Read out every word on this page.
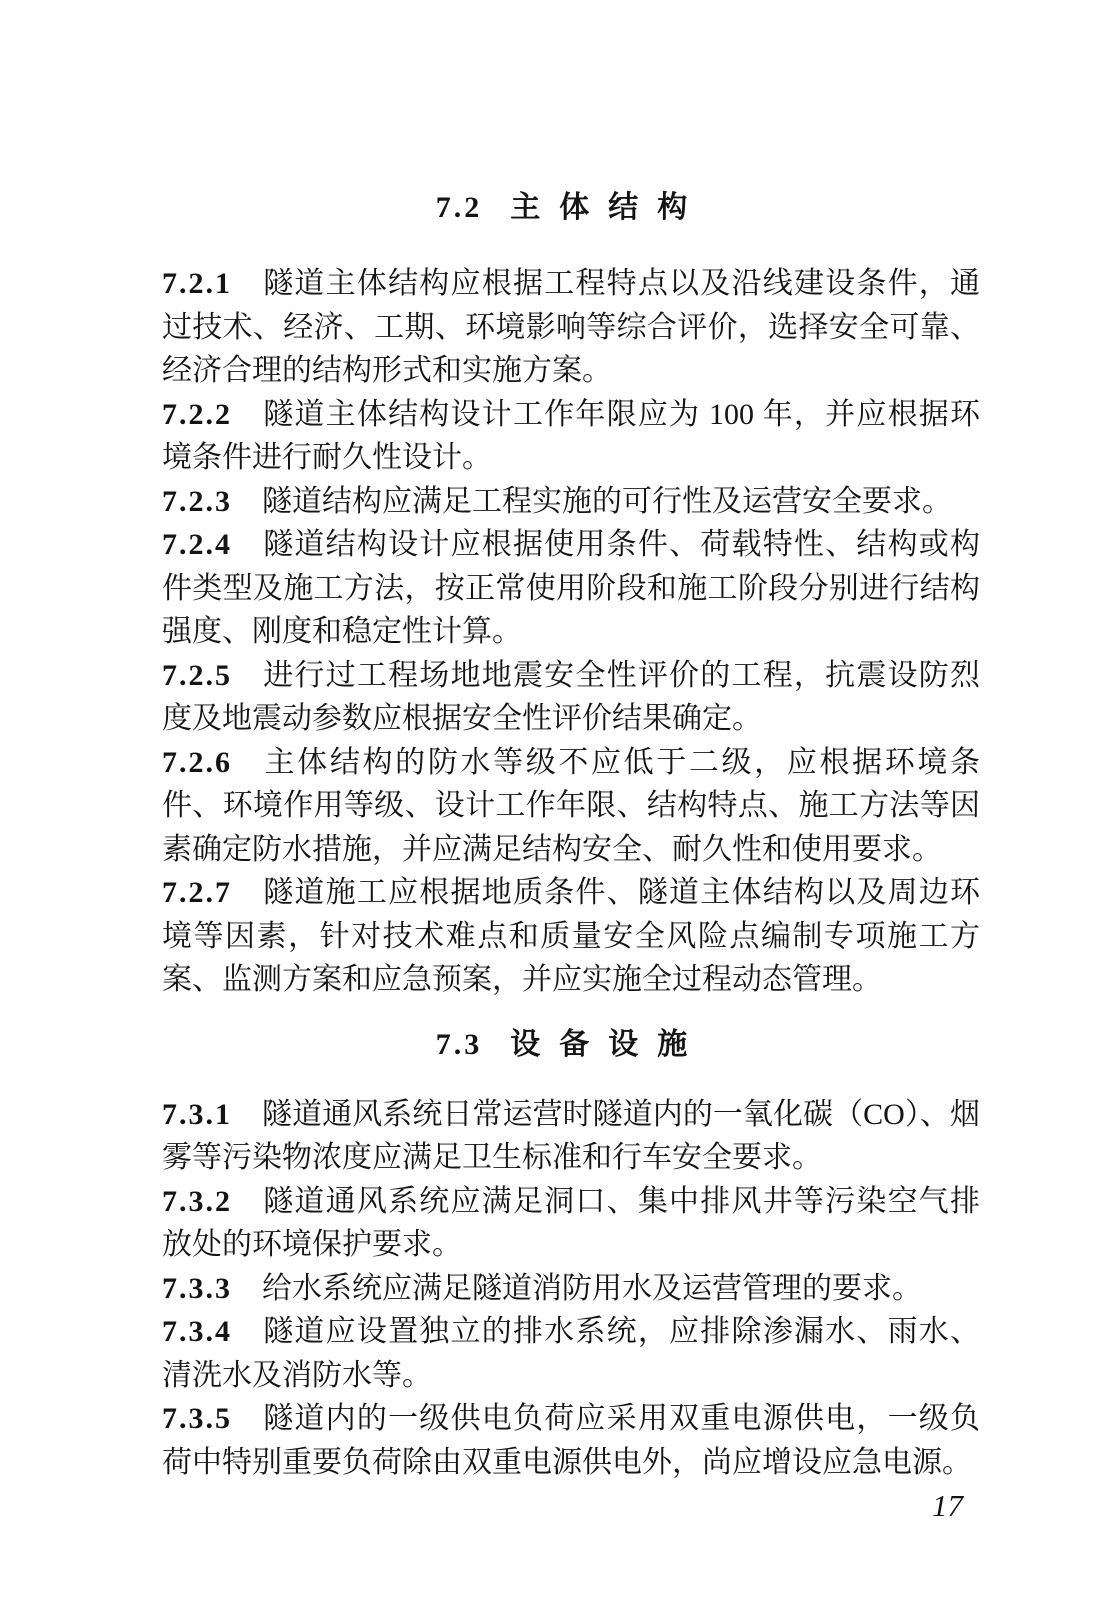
7.2 主体结构

7.2.1 隧道主体结构应根据工程特点以及沿线建设条件，通过技术、经济、工期、环境影响等综合评价，选择安全可靠、经济合理的结构形式和实施方案。

7.2.2 隧道主体结构设计工作年限应为 100 年，并应根据环境条件进行耐久性设计。

7.2.3 隧道结构应满足工程实施的可行性及运营安全要求。

7.2.4 隧道结构设计应根据使用条件、荷载特性、结构或构件类型及施工方法，按正常使用阶段和施工阶段分别进行结构强度、刚度和稳定性计算。

7.2.5 进行过工程场地地震安全性评价的工程，抗震设防烈度及地震动参数应根据安全性评价结果确定。

7.2.6 主体结构的防水等级不应低于二级，应根据环境条件、环境作用等级、设计工作年限、结构特点、施工方法等因素确定防水措施，并应满足结构安全、耐久性和使用要求。

7.2.7 隧道施工应根据地质条件、隧道主体结构以及周边环境等因素，针对技术难点和质量安全风险点编制专项施工方案、监测方案和应急预案，并应实施全过程动态管理。

7.3 设备设施

7.3.1 隧道通风系统日常运营时隧道内的一氧化碳（CO）、烟雾等污染物浓度应满足卫生标准和行车安全要求。

7.3.2 隧道通风系统应满足洞口、集中排风井等污染空气排放处的环境保护要求。

7.3.3 给水系统应满足隧道消防用水及运营管理的要求。

7.3.4 隧道应设置独立的排水系统，应排除渗漏水、雨水、清洗水及消防水等。

7.3.5 隧道内的一级供电负荷应采用双重电源供电，一级负荷中特别重要负荷除由双重电源供电外，尚应增设应急电源。

17
